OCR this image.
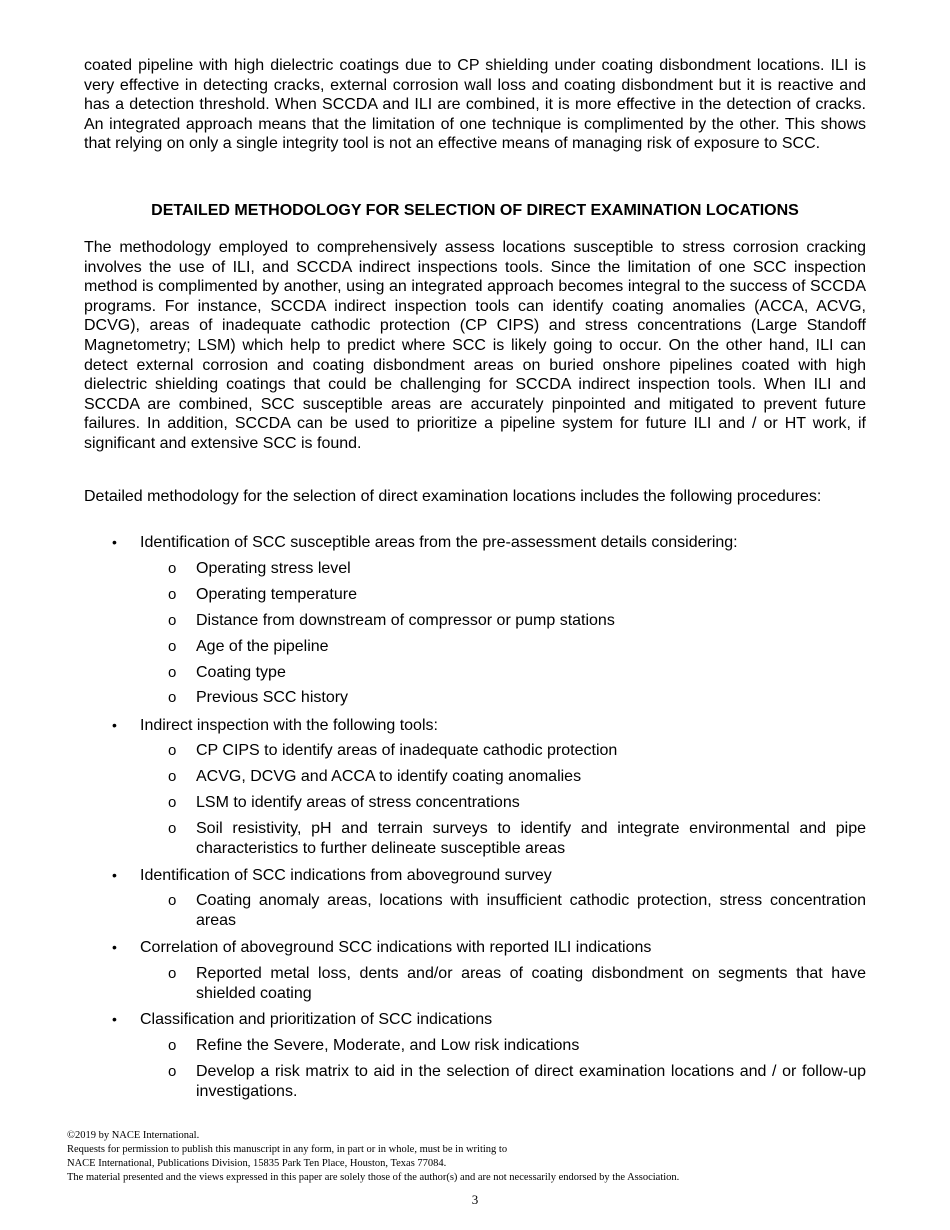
coated pipeline with high dielectric coatings due to CP shielding under coating disbondment locations. ILI is very effective in detecting cracks, external corrosion wall loss and coating disbondment but it is reactive and has a detection threshold. When SCCDA and ILI are combined, it is more effective in the detection of cracks. An integrated approach means that the limitation of one technique is complimented by the other. This shows that relying on only a single integrity tool is not an effective means of managing risk of exposure to SCC.

DETAILED METHODOLOGY FOR SELECTION OF DIRECT EXAMINATION LOCATIONS

The methodology employed to comprehensively assess locations susceptible to stress corrosion cracking involves the use of ILI, and SCCDA indirect inspections tools. Since the limitation of one SCC inspection method is complimented by another, using an integrated approach becomes integral to the success of SCCDA programs. For instance, SCCDA indirect inspection tools can identify coating anomalies (ACCA, ACVG, DCVG), areas of inadequate cathodic protection (CP CIPS) and stress concentrations (Large Standoff Magnetometry; LSM) which help to predict where SCC is likely going to occur. On the other hand, ILI can detect external corrosion and coating disbondment areas on buried onshore pipelines coated with high dielectric shielding coatings that could be challenging for SCCDA indirect inspection tools. When ILI and SCCDA are combined, SCC susceptible areas are accurately pinpointed and mitigated to prevent future failures. In addition, SCCDA can be used to prioritize a pipeline system for future ILI and / or HT work, if significant and extensive SCC is found.

Detailed methodology for the selection of direct examination locations includes the following procedures:

• Identification of SCC susceptible areas from the pre-assessment details considering:
o Operating stress level
o Operating temperature
o Distance from downstream of compressor or pump stations
o Age of the pipeline
o Coating type
o Previous SCC history
• Indirect inspection with the following tools:
o CP CIPS to identify areas of inadequate cathodic protection
o ACVG, DCVG and ACCA to identify coating anomalies
o LSM to identify areas of stress concentrations
o Soil resistivity, pH and terrain surveys to identify and integrate environmental and pipe characteristics to further delineate susceptible areas
• Identification of SCC indications from aboveground survey
o Coating anomaly areas, locations with insufficient cathodic protection, stress concentration areas
• Correlation of aboveground SCC indications with reported ILI indications
o Reported metal loss, dents and/or areas of coating disbondment on segments that have shielded coating
• Classification and prioritization of SCC indications
o Refine the Severe, Moderate, and Low risk indications
o Develop a risk matrix to aid in the selection of direct examination locations and / or follow-up investigations.
©2019 by NACE International.
Requests for permission to publish this manuscript in any form, in part or in whole, must be in writing to
NACE International, Publications Division, 15835 Park Ten Place, Houston, Texas 77084.
The material presented and the views expressed in this paper are solely those of the author(s) and are not necessarily endorsed by the Association.
3
